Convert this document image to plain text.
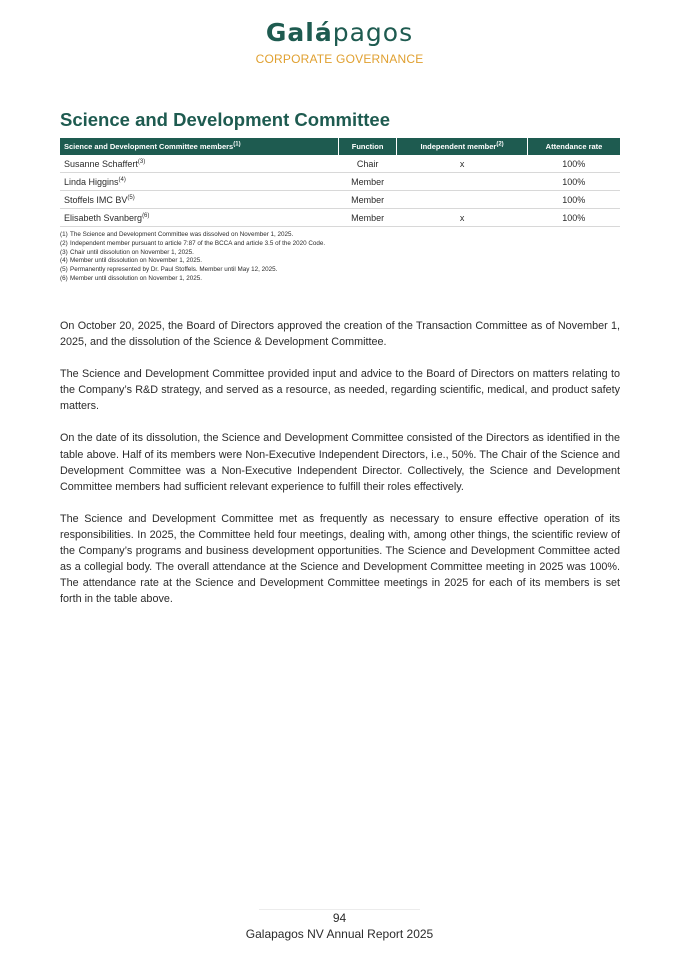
Galápagos
CORPORATE GOVERNANCE
Science and Development Committee
Science and Development Committee members$^{(1)}$	Function	Independent member$^{(2)}$	Attendance rate
Susanne Schaffert$^{(3)}$	Chair	x	100%
Linda Higgins$^{(4)}$	Member		100%
Stoffels IMC BV$^{(5)}$	Member		100%
Elisabeth Svanberg$^{(6)}$	Member	x	100%
(1) The Science and Development Committee was dissolved on November 1, 2025.
(2) Independent member pursuant to article 7:87 of the BCCA and article 3.5 of the 2020 Code.
(3) Chair until dissolution on November 1, 2025.
(4) Member until dissolution on November 1, 2025.
(5) Permanently represented by Dr. Paul Stoffels. Member until May 12, 2025.
(6) Member until dissolution on November 1, 2025.

On October 20, 2025, the Board of Directors approved the creation of the Transaction Committee as of November 1, 2025, and the dissolution of the Science & Development Committee.

The Science and Development Committee provided input and advice to the Board of Directors on matters relating to the Company’s R&D strategy, and served as a resource, as needed, regarding scientific, medical, and product safety matters.

On the date of its dissolution, the Science and Development Committee consisted of the Directors as identified in the table above. Half of its members were Non-Executive Independent Directors, i.e., 50%. The Chair of the Science and Development Committee was a Non-Executive Independent Director. Collectively, the Science and Development Committee members had sufficient relevant experience to fulfill their roles effectively.

The Science and Development Committee met as frequently as necessary to ensure effective operation of its responsibilities. In 2025, the Committee held four meetings, dealing with, among other things, the scientific review of the Company’s programs and business development opportunities. The Science and Development Committee acted as a collegial body. The overall attendance at the Science and Development Committee meeting in 2025 was 100%. The attendance rate at the Science and Development Committee meetings in 2025 for each of its members is set forth in the table above.

94
Galapagos NV Annual Report 2025
